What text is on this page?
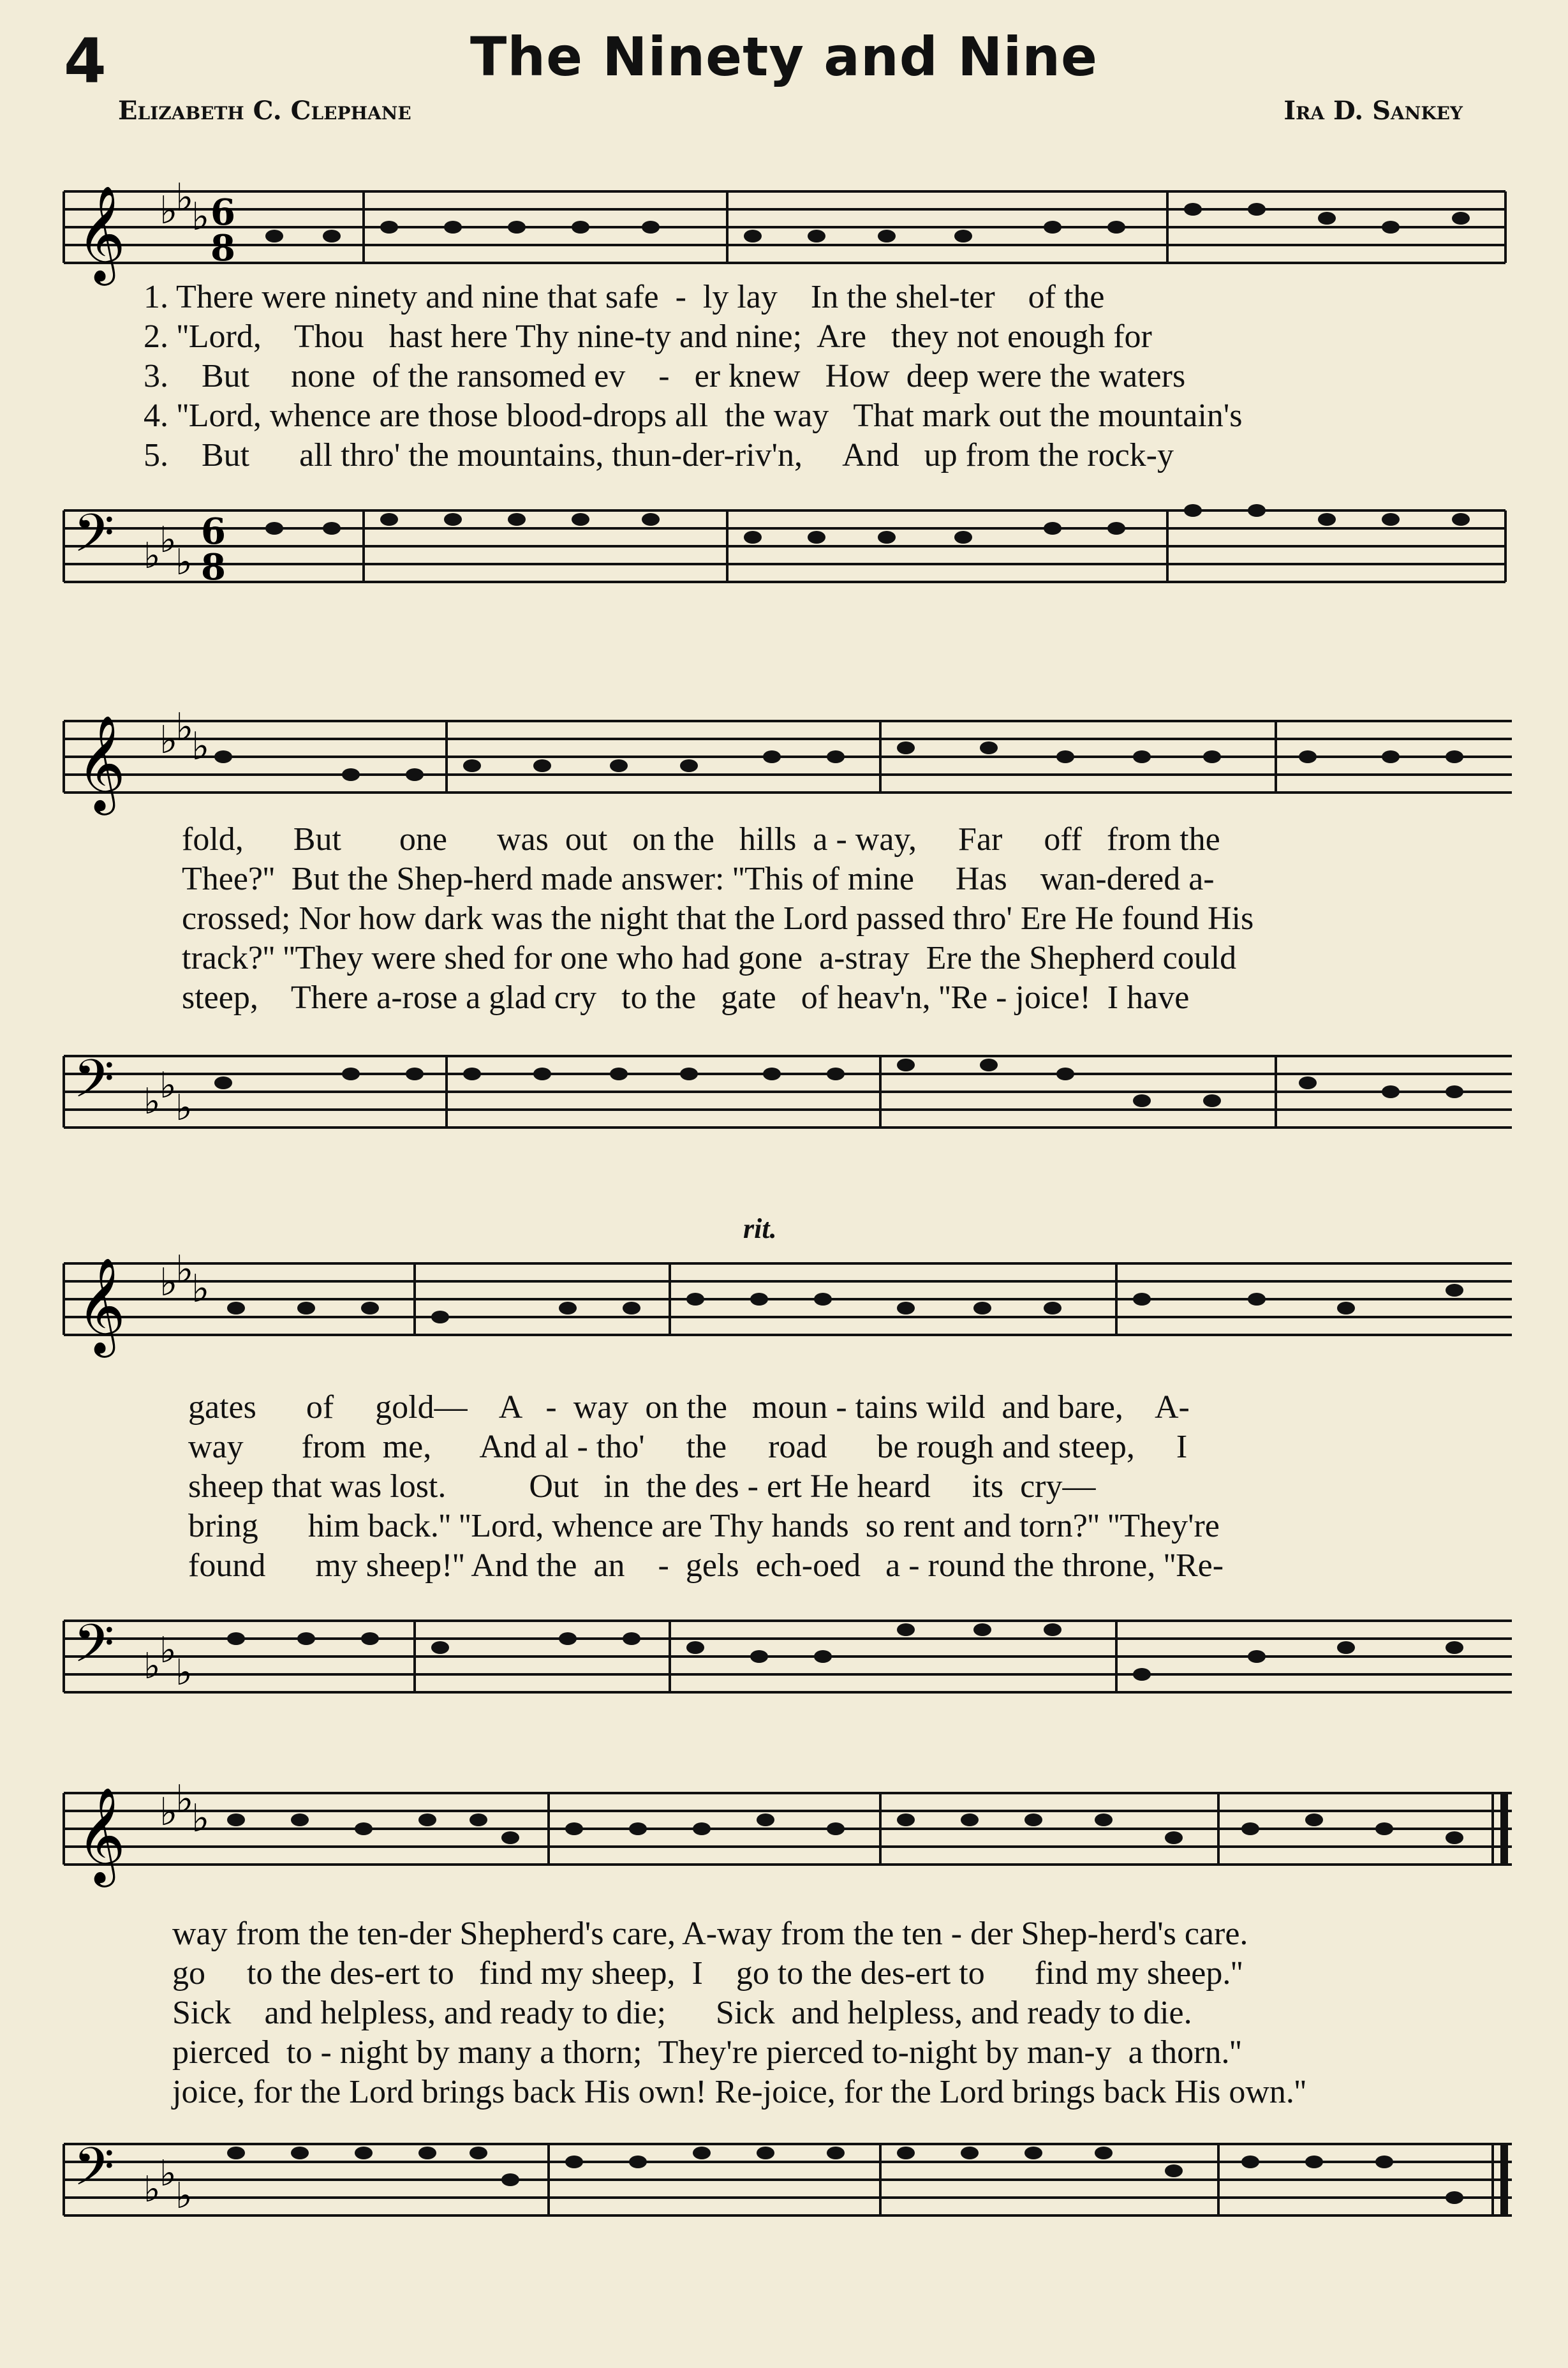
4	The Ninety and Nine
Elizabeth C. Clephane	Ira D. Sankey
𝄞 ♭
♭
♭ 6
8
1. There were ninety and nine that safe  -  ly lay    In the shel-ter    of the
2. ''Lord,    Thou   hast here Thy nine-ty and nine;  Are   they not enough for
3.    But     none  of the ransomed ev    -   er knew   How  deep were the waters
4. ''Lord, whence are those blood-drops all  the way   That mark out the mountain's
5.    But      all thro' the mountains, thun-der-riv'n,     And   up from the rock-y
𝄢 ♭
♭
♭
6
8
𝄞 ♭
♭
♭
fold,      But       one      was  out   on the   hills  a - way,     Far     off   from the
Thee?''  But the Shep-herd made answer: ''This of mine     Has    wan-dered a-
crossed; Nor how dark was the night that the Lord passed thro' Ere He found His
track?'' ''They were shed for one who had gone  a-stray  Ere the Shepherd could
steep,    There a-rose a glad cry   to the   gate   of heav'n, ''Re - joice!  I have
𝄢 ♭
♭
♭
rit.
𝄞 ♭
♭
♭
gates      of     gold—    A   -  way  on the   moun - tains wild  and bare,    A-
way       from  me,      And al - tho'     the     road      be rough and steep,     I
sheep that was lost.          Out   in  the des - ert He heard     its  cry—
bring      him back.'' ''Lord, whence are Thy hands  so rent and torn?'' ''They're
found      my sheep!'' And the  an    -  gels  ech-oed   a - round the throne, ''Re-
𝄢 ♭
♭
♭
𝄞 ♭
♭
♭
way from the ten-der Shepherd's care, A-way from the ten - der Shep-herd's care.
go     to the des-ert to   find my sheep,  I    go to the des-ert to      find my sheep.''
Sick    and helpless, and ready to die;      Sick  and helpless, and ready to die.
pierced  to - night by many a thorn;  They're pierced to-night by man-y  a thorn.''
joice, for the Lord brings back His own! Re-joice, for the Lord brings back His own.''
𝄢 ♭
♭
♭
